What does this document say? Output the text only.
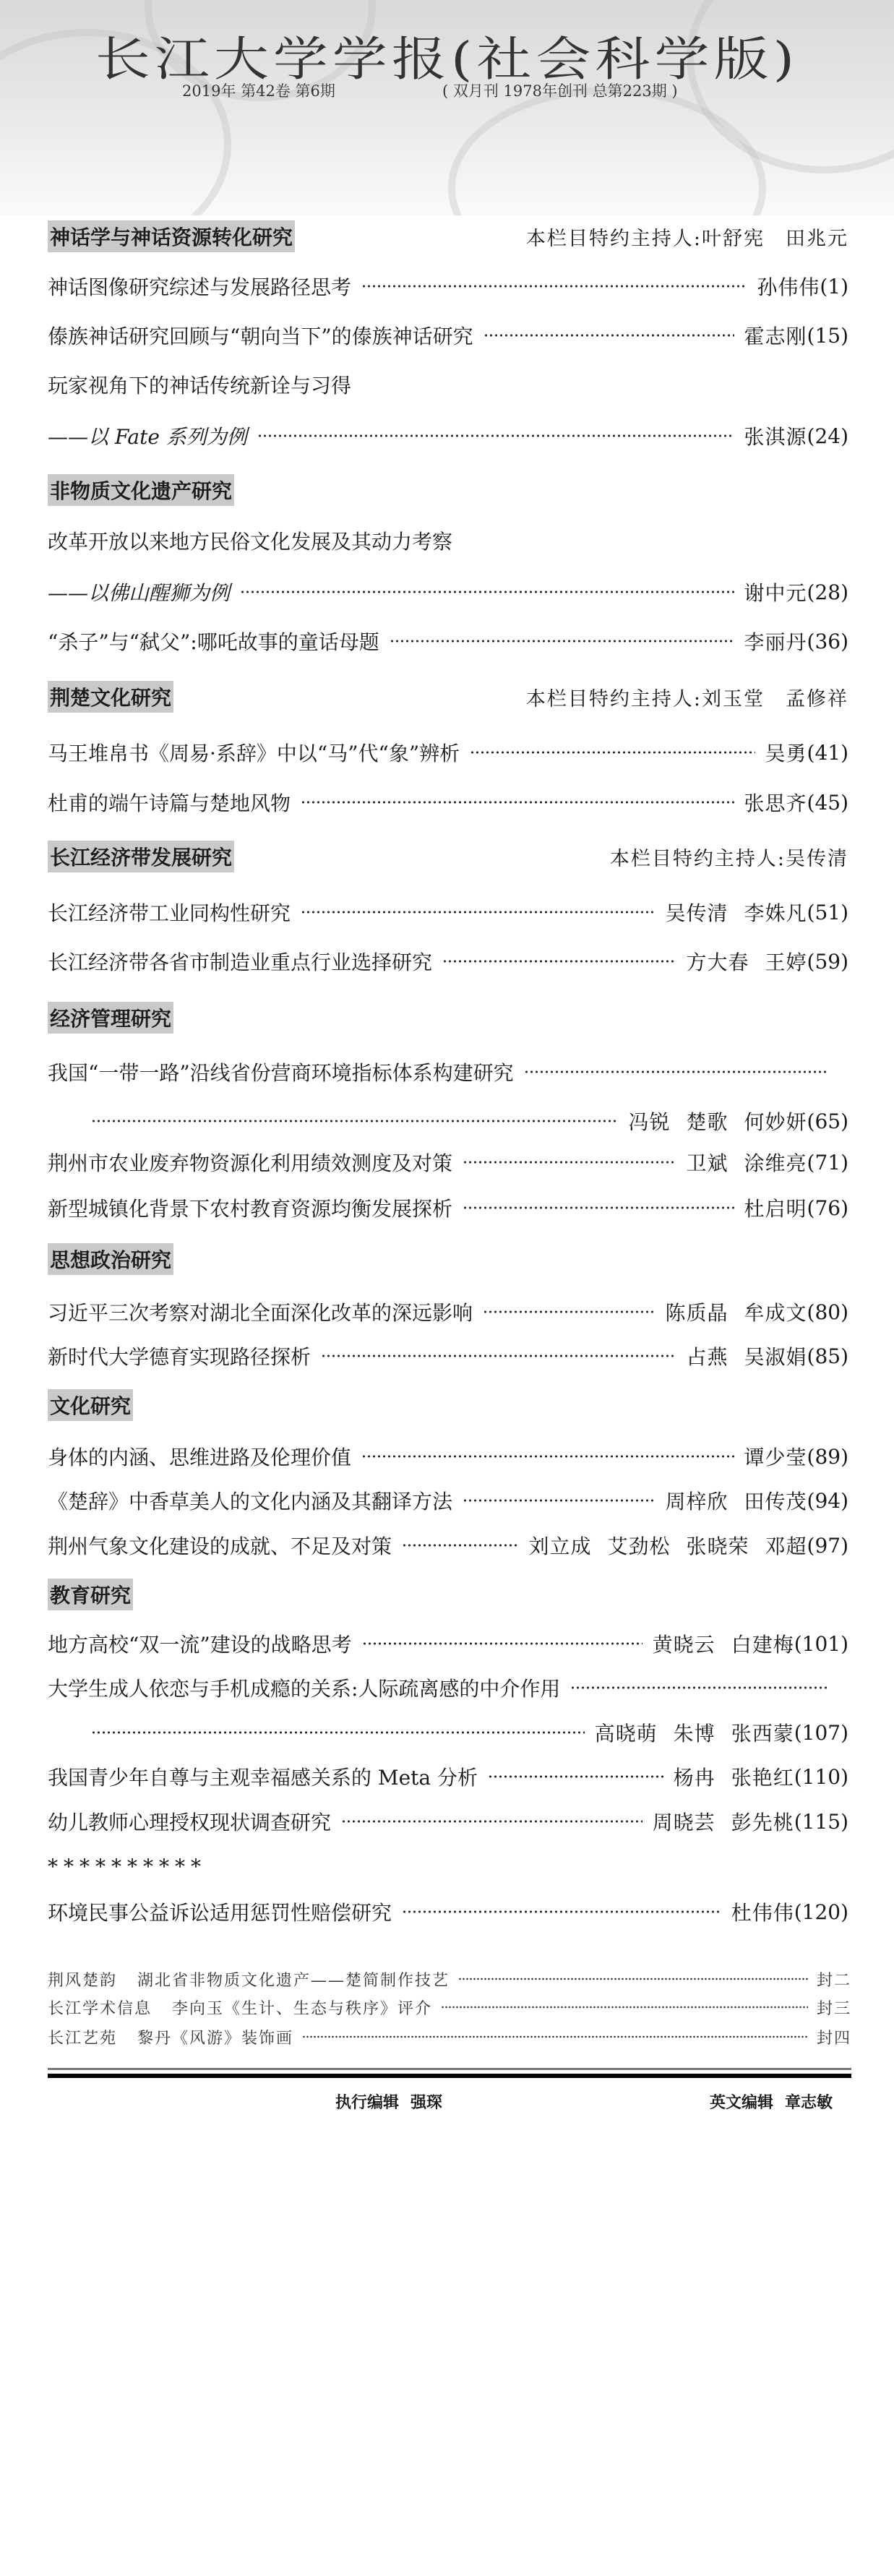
长江大学学报(社会科学版)
2019年 第42卷 第6期	( 双月刊 1978年创刊 总第223期 )
神话学与神话资源转化研究	本栏目特约主持人:叶舒宪　田兆元
神话图像研究综述与发展路径思考	孙伟伟 (1)
傣族神话研究回顾与“朝向当下”的傣族神话研究	霍志刚 (15)
玩家视角下的神话传统新诠与习得
——以 Fate 系列为例	张淇源 (24)
非物质文化遗产研究
改革开放以来地方民俗文化发展及其动力考察
——以佛山醒狮为例	谢中元 (28)
“杀子”与“弑父”:哪吒故事的童话母题	李丽丹 (36)
荆楚文化研究	本栏目特约主持人:刘玉堂　孟修祥
马王堆帛书《周易·系辞》中以“马”代“象”辨析	吴勇 (41)
杜甫的端午诗篇与楚地风物	张思齐 (45)
长江经济带发展研究	本栏目特约主持人:吴传清
长江经济带工业同构性研究	吴传清 李姝凡 (51)
长江经济带各省市制造业重点行业选择研究	方大春 王婷 (59)
经济管理研究
我国“一带一路”沿线省份营商环境指标体系构建研究
冯锐 楚歌 何妙妍 (65)
荆州市农业废弃物资源化利用绩效测度及对策	卫斌 涂维亮 (71)
新型城镇化背景下农村教育资源均衡发展探析	杜启明 (76)
思想政治研究
习近平三次考察对湖北全面深化改革的深远影响	陈质晶 牟成文 (80)
新时代大学德育实现路径探析	占燕 吴淑娟 (85)
文化研究
身体的内涵、思维进路及伦理价值	谭少莹 (89)
《楚辞》中香草美人的文化内涵及其翻译方法	周梓欣 田传茂 (94)
荆州气象文化建设的成就、不足及对策	刘立成 艾劲松 张晓荣 邓超 (97)
教育研究
地方高校“双一流”建设的战略思考	黄晓云 白建梅 (101)
大学生成人依恋与手机成瘾的关系:人际疏离感的中介作用
高晓萌 朱博 张西蒙 (107)
我国青少年自尊与主观幸福感关系的 Meta 分析	杨冉 张艳红 (110)
幼儿教师心理授权现状调查研究	周晓芸 彭先桃 (115)
**********
环境民事公益诉讼适用惩罚性赔偿研究	杜伟伟 (120)
荆风楚韵 湖北省非物质文化遗产——楚简制作技艺	封二
长江学术信息 李向玉《生计、生态与秩序》评介	封三
长江艺苑 黎丹《风游》装饰画	封四
执行编辑 强琛	英文编辑 章志敏
